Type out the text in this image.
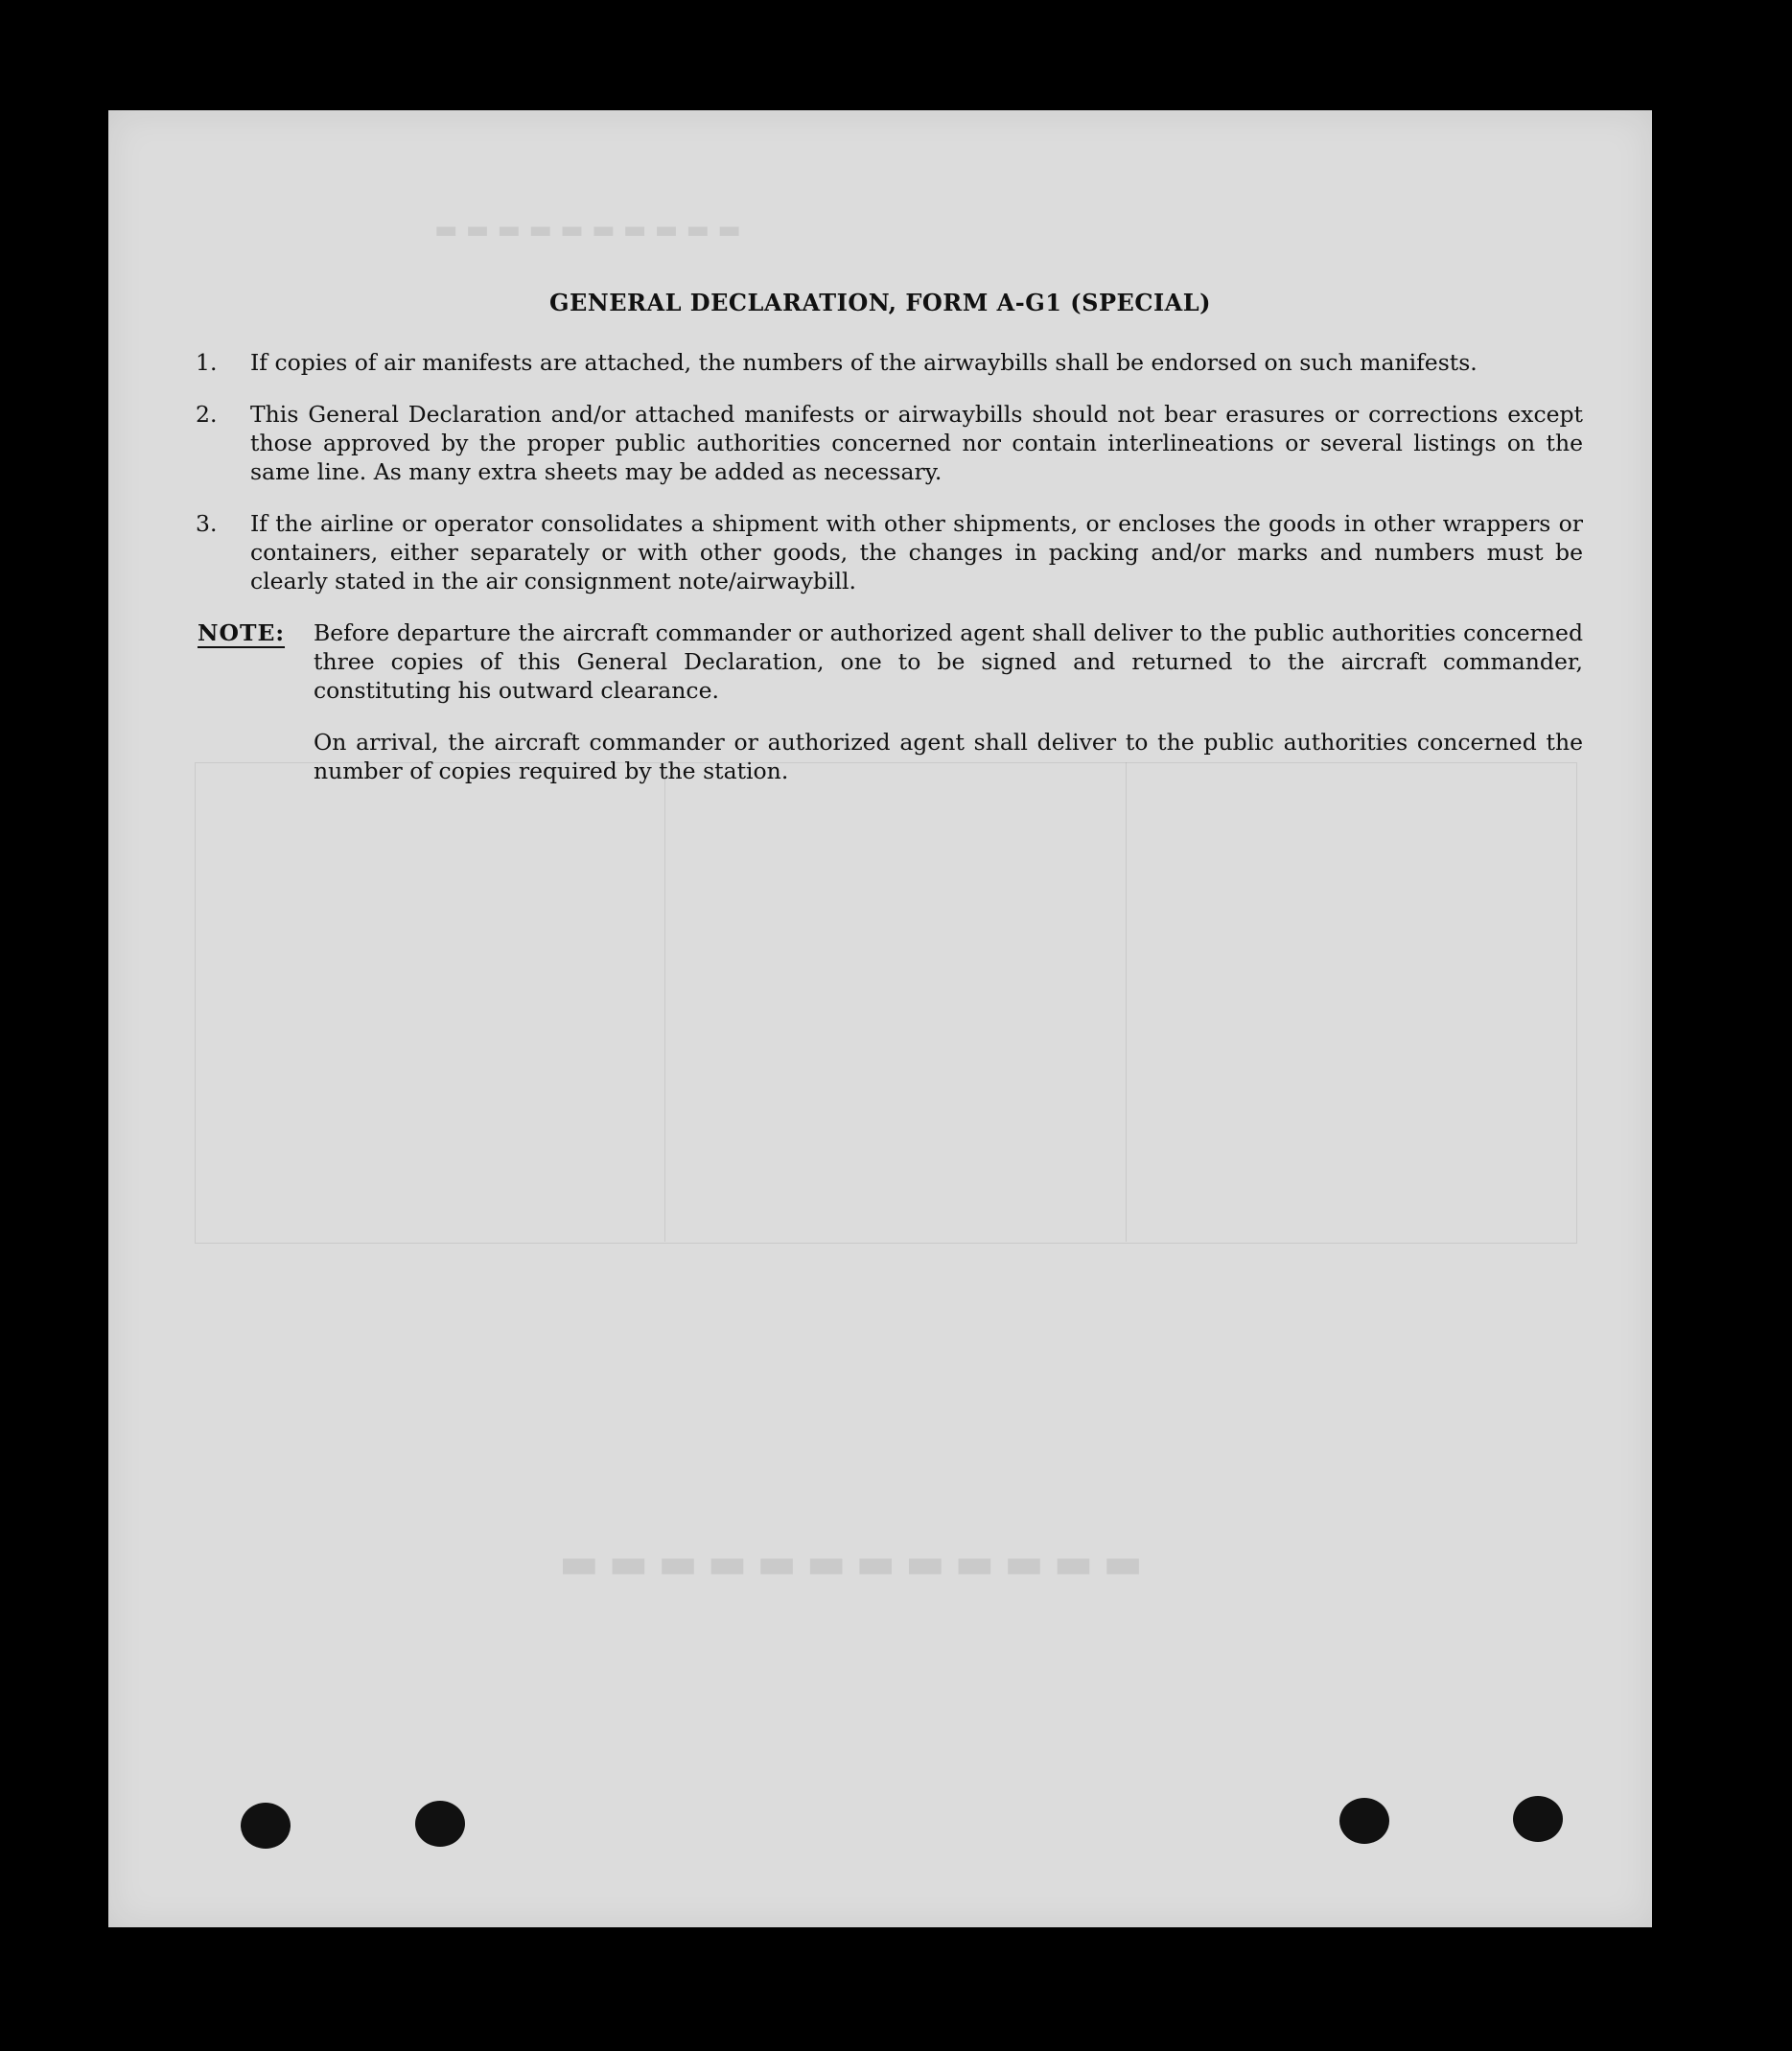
▬ ▬ ▬ ▬ ▬ ▬ ▬ ▬ ▬ ▬
▬▬▬▬▬▬▬▬▬▬▬▬
GENERAL DECLARATION, FORM A-G1 (SPECIAL)
1.	If copies of air manifests are attached, the numbers of the airwaybills shall be endorsed on such manifests.
2.	This General Declaration and/or attached manifests or airwaybills should not bear erasures or corrections except those approved by the proper public authorities concerned nor contain interlineations or several listings on the same line. As many extra sheets may be added as necessary.
3.	If the airline or operator consolidates a shipment with other shipments, or encloses the goods in other wrappers or containers, either separately or with other goods, the changes in packing and/or marks and numbers must be clearly stated in the air consignment note/airwaybill.
NOTE: Before departure the aircraft commander or authorized agent shall deliver to the public authorities concerned three copies of this General Declaration, one to be signed and returned to the aircraft commander, constituting his outward clearance.
On arrival, the aircraft commander or authorized agent shall deliver to the public authorities concerned the number of copies required by the station.
